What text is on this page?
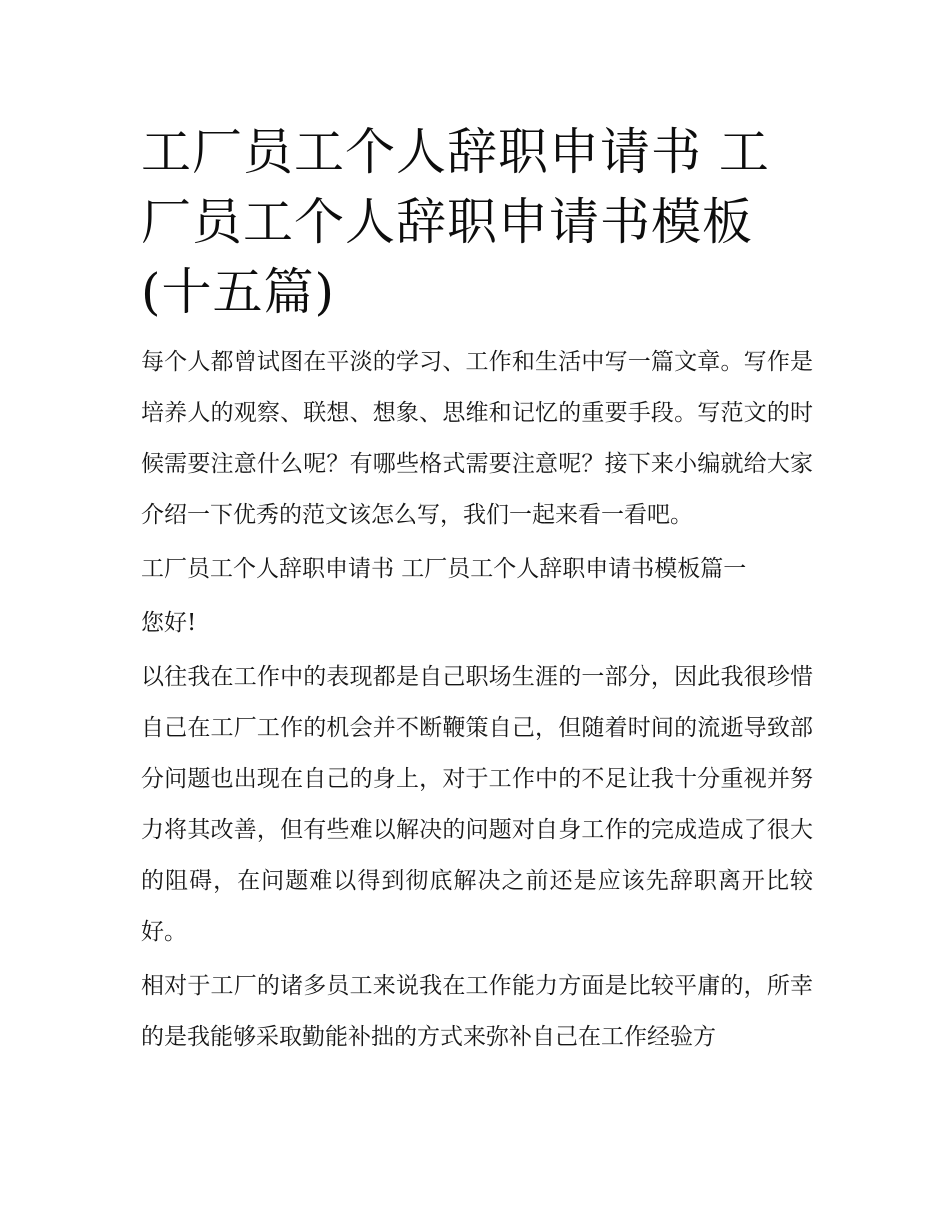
工厂员工个人辞职申请书 工厂员工个人辞职申请书模板(十五篇)

每个人都曾试图在平淡的学习、工作和生活中写一篇文章。写作是培养人的观察、联想、想象、思维和记忆的重要手段。写范文的时候需要注意什么呢？有哪些格式需要注意呢？接下来小编就给大家介绍一下优秀的范文该怎么写，我们一起来看一看吧。

工厂员工个人辞职申请书 工厂员工个人辞职申请书模板篇一

您好!

以往我在工作中的表现都是自己职场生涯的一部分，因此我很珍惜自己在工厂工作的机会并不断鞭策自己，但随着时间的流逝导致部分问题也出现在自己的身上，对于工作中的不足让我十分重视并努力将其改善，但有些难以解决的问题对自身工作的完成造成了很大的阻碍，在问题难以得到彻底解决之前还是应该先辞职离开比较好。

相对于工厂的诸多员工来说我在工作能力方面是比较平庸的，所幸的是我能够采取勤能补拙的方式来弥补自己在工作经验方
